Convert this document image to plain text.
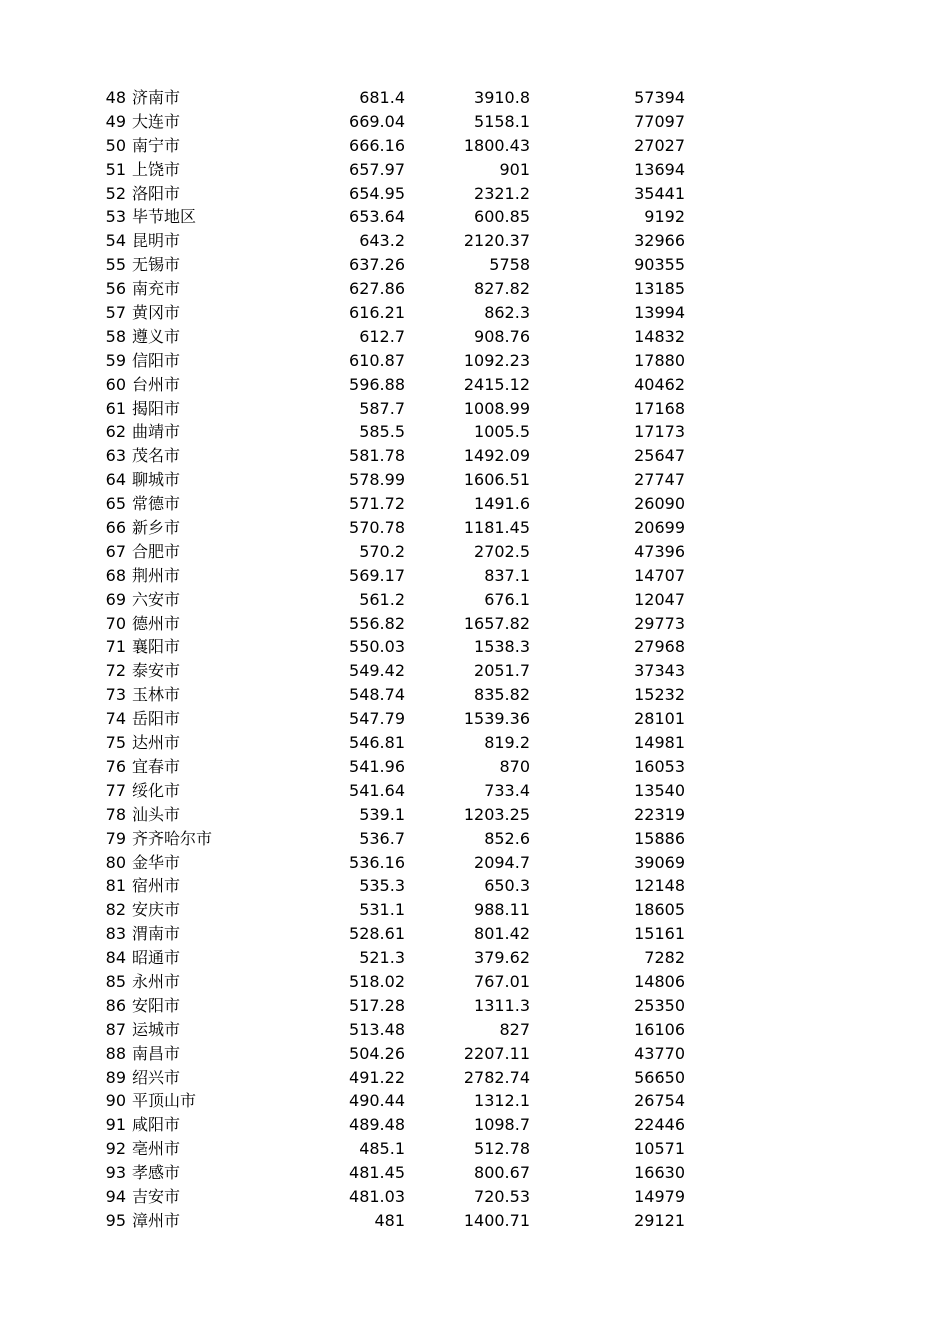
48 济南市	681.4	3910.8	57394
49 大连市	669.04	5158.1	77097
50 南宁市	666.16	1800.43	27027
51 上饶市	657.97	901	13694
52 洛阳市	654.95	2321.2	35441
53 毕节地区	653.64	600.85	9192
54 昆明市	643.2	2120.37	32966
55 无锡市	637.26	5758	90355
56 南充市	627.86	827.82	13185
57 黄冈市	616.21	862.3	13994
58 遵义市	612.7	908.76	14832
59 信阳市	610.87	1092.23	17880
60 台州市	596.88	2415.12	40462
61 揭阳市	587.7	1008.99	17168
62 曲靖市	585.5	1005.5	17173
63 茂名市	581.78	1492.09	25647
64 聊城市	578.99	1606.51	27747
65 常德市	571.72	1491.6	26090
66 新乡市	570.78	1181.45	20699
67 合肥市	570.2	2702.5	47396
68 荆州市	569.17	837.1	14707
69 六安市	561.2	676.1	12047
70 德州市	556.82	1657.82	29773
71 襄阳市	550.03	1538.3	27968
72 泰安市	549.42	2051.7	37343
73 玉林市	548.74	835.82	15232
74 岳阳市	547.79	1539.36	28101
75 达州市	546.81	819.2	14981
76 宜春市	541.96	870	16053
77 绥化市	541.64	733.4	13540
78 汕头市	539.1	1203.25	22319
79 齐齐哈尔市	536.7	852.6	15886
80 金华市	536.16	2094.7	39069
81 宿州市	535.3	650.3	12148
82 安庆市	531.1	988.11	18605
83 渭南市	528.61	801.42	15161
84 昭通市	521.3	379.62	7282
85 永州市	518.02	767.01	14806
86 安阳市	517.28	1311.3	25350
87 运城市	513.48	827	16106
88 南昌市	504.26	2207.11	43770
89 绍兴市	491.22	2782.74	56650
90 平顶山市	490.44	1312.1	26754
91 咸阳市	489.48	1098.7	22446
92 亳州市	485.1	512.78	10571
93 孝感市	481.45	800.67	16630
94 吉安市	481.03	720.53	14979
95 漳州市	481	1400.71	29121
